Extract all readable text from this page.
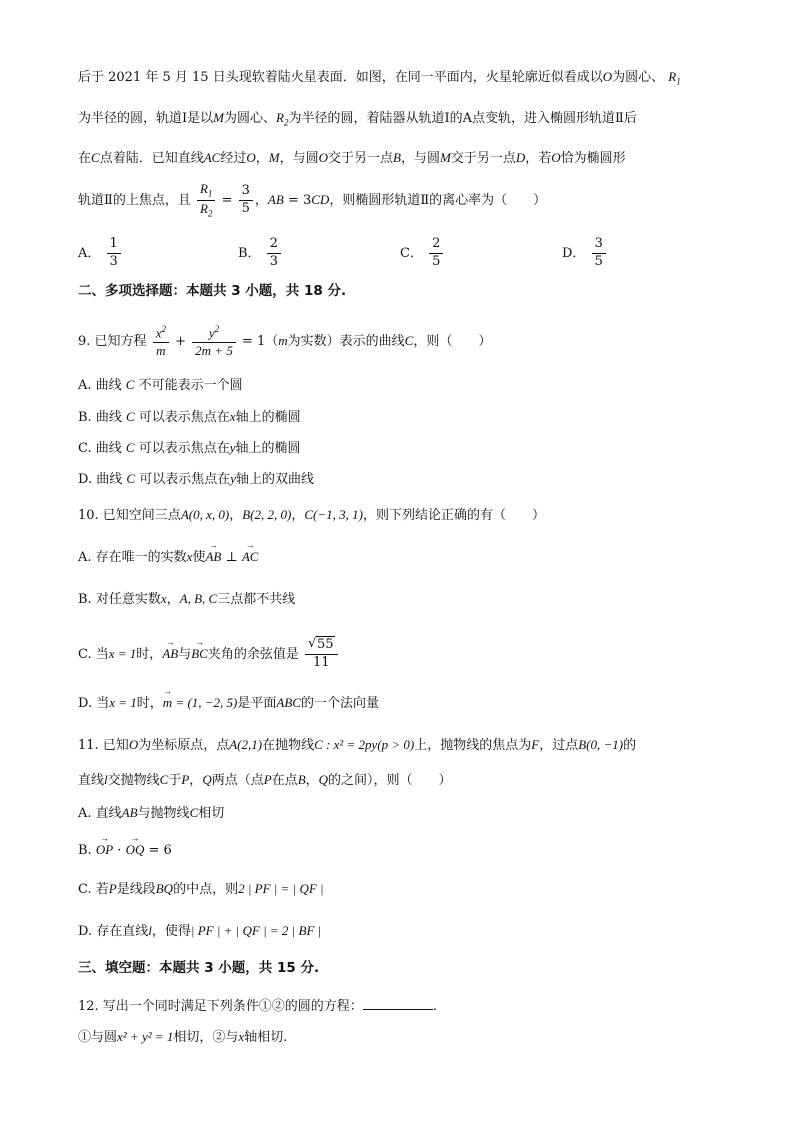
后于 2021 年 5 月 15 日头现软着陆火星表面．如图，在同一平面内，火星轮廓近似看成以O为圆心、 $R_1$
为半径的圆，轨道Ⅰ是以M为圆心、$R_2$为半径的圆，着陆器从轨道Ⅰ的A点变轨，进入椭圆形轨道Ⅱ后
在C点着陆．已知直线AC经过O，M，与圆O交于另一点B，与圆M交于另一点D，若O恰为椭圆形
轨道Ⅱ的上焦点，且 $\frac{R_1}{R_2} = \frac{3}{5}$ ，AB = 3CD，则椭圆形轨道Ⅱ的离心率为（　　）
A． $\frac{1}{3}$	B． $\frac{2}{3}$	C． $\frac{2}{5}$	D． $\frac{3}{5}$
二、多项选择题：本题共 3 小题，共 18 分.
9. 已知方程 $\frac{x^2}{m} + \frac{y^2}{2m + 5} = 1(m$为实数）表示的曲线C，则（　　）
A. 曲线 C 不可能表示一个圆
B. 曲线 C 可以表示焦点在x轴上的椭圆
C. 曲线 C 可以表示焦点在y轴上的椭圆
D. 曲线 C 可以表示焦点在y轴上的双曲线
10. 已知空间三点A(0, x, 0)，B(2, 2, 0)，C(−1, 3, 1)，则下列结论正确的有（　　）
A. 存在唯一的实数x使→ AB ⊥ → AC
B. 对任意实数x，A, B, C三点都不共线
C. 当x = 1时，→ AB与→ BC夹角的余弦值是
√ $\frac{55}{11}$
D. 当x = 1时，→ m = (1, −2, 5)是平面ABC的一个法向量
11. 已知O为坐标原点，点A(2,1)在抛物线C : x² = 2py(p > 0)上，抛物线的焦点为F，过点B(0, −1)的
直线l交抛物线C于P，Q两点（点P在点B，Q的之间），则（　　）
A. 直线AB与抛物线C相切
B. → OP · → OQ = 6
C. 若P是线段BQ的中点，则2 | PF | = | QF |
D. 存在直线l，使得| PF | + | QF | = 2 | BF |
三、填空题：本题共 3 小题，共 15 分.
12. 写出一个同时满足下列条件①②的圆的方程：	.
①与圆x² + y² = 1相切，②与x轴相切.
